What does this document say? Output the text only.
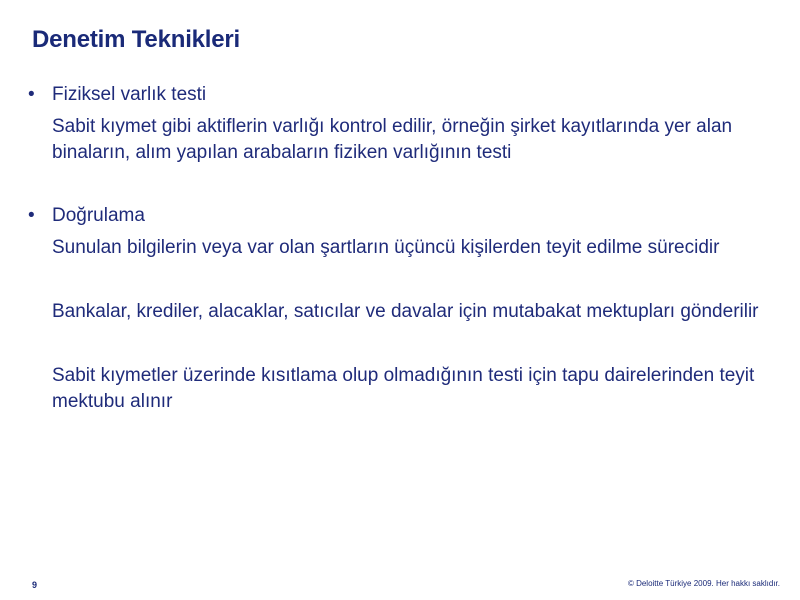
Denetim Teknikleri
• Fiziksel varlık testi

Sabit kıymet gibi aktiflerin varlığı kontrol edilir, örneğin şirket kayıtlarında yer alan binaların, alım yapılan arabaların fiziken varlığının testi

• Doğrulama

Sunulan bilgilerin veya var olan şartların üçüncü kişilerden teyit edilme sürecidir

Bankalar, krediler, alacaklar, satıcılar ve davalar için mutabakat mektupları gönderilir

Sabit kıymetler üzerinde kısıtlama olup olmadığının testi için tapu dairelerinden teyit mektubu alınır

9	© Deloitte Türkiye 2009. Her hakkı saklıdır.
